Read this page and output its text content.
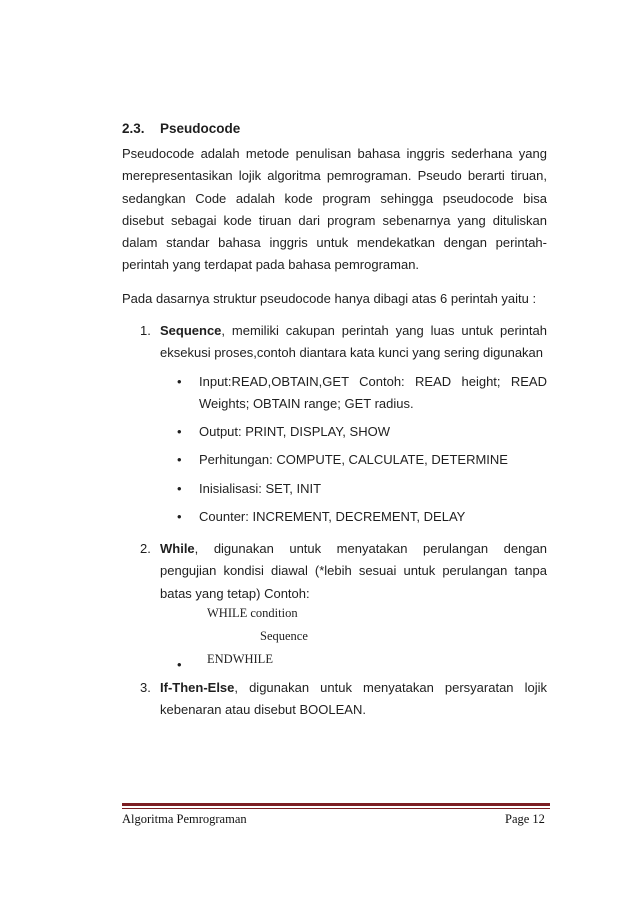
2.3. Pseudocode
Pseudocode adalah metode penulisan bahasa inggris sederhana yang merepresentasikan lojik algoritma pemrograman. Pseudo berarti tiruan, sedangkan Code adalah kode program sehingga pseudocode bisa disebut sebagai kode tiruan dari program sebenarnya yang dituliskan dalam standar bahasa inggris untuk mendekatkan dengan perintah-perintah yang terdapat pada bahasa pemrograman.
Pada dasarnya struktur pseudocode hanya dibagi atas 6 perintah yaitu :
1. Sequence, memiliki cakupan perintah yang luas untuk perintah eksekusi proses,contoh diantara kata kunci yang sering digunakan
• Input:READ,OBTAIN,GET Contoh: READ height; READ Weights; OBTAIN range; GET radius.
• Output: PRINT, DISPLAY, SHOW
• Perhitungan: COMPUTE, CALCULATE, DETERMINE
• Inisialisasi: SET, INIT
• Counter: INCREMENT, DECREMENT, DELAY
2. While, digunakan untuk menyatakan perulangan dengan pengujian kondisi diawal (*lebih sesuai untuk perulangan tanpa batas yang tetap) Contoh:
WHILE condition
Sequence
ENDWHILE
•
3. If-Then-Else, digunakan untuk menyatakan persyaratan lojik kebenaran atau disebut BOOLEAN.
Algoritma Pemrograman	Page 12
